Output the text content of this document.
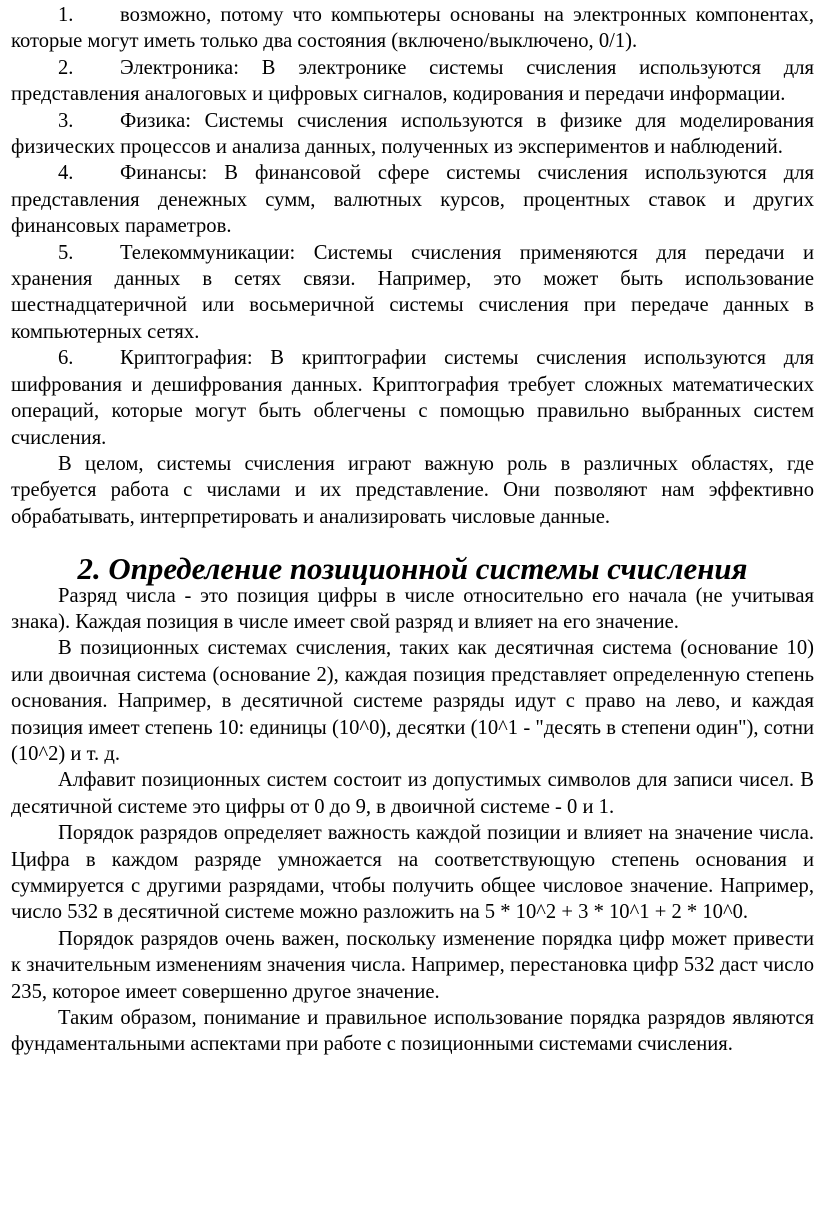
1. возможно, потому что компьютеры основаны на электронных компонентах, которые могут иметь только два состояния (включено/выключено, 0/1).

2. Электроника: В электронике системы счисления используются для представления аналоговых и цифровых сигналов, кодирования и передачи информации.

3. Физика: Системы счисления используются в физике для моделирования физических процессов и анализа данных, полученных из экспериментов и наблюдений.

4. Финансы: В финансовой сфере системы счисления используются для представления денежных сумм, валютных курсов, процентных ставок и других финансовых параметров.

5. Телекоммуникации: Системы счисления применяются для передачи и хранения данных в сетях связи. Например, это может быть использование шестнадцатеричной или восьмеричной системы счисления при передаче данных в компьютерных сетях.

6. Криптография: В криптографии системы счисления используются для шифрования и дешифрования данных. Криптография требует сложных математических операций, которые могут быть облегчены с помощью правильно выбранных систем счисления.

В целом, системы счисления играют важную роль в различных областях, где требуется работа с числами и их представление. Они позволяют нам эффективно обрабатывать, интерпретировать и анализировать числовые данные.

2. Определение позиционной системы счисления

Разряд числа - это позиция цифры в числе относительно его начала (не учитывая знака). Каждая позиция в числе имеет свой разряд и влияет на его значение.

В позиционных системах счисления, таких как десятичная система (основание 10) или двоичная система (основание 2), каждая позиция представляет определенную степень основания. Например, в десятичной системе разряды идут с право на лево, и каждая позиция имеет степень 10: единицы (10^0), десятки (10^1 - "десять в степени один"), сотни (10^2) и т. д.

Алфавит позиционных систем состоит из допустимых символов для записи чисел. В десятичной системе это цифры от 0 до 9, в двоичной системе - 0 и 1.

Порядок разрядов определяет важность каждой позиции и влияет на значение числа. Цифра в каждом разряде умножается на соответствующую степень основания и суммируется с другими разрядами, чтобы получить общее числовое значение. Например, число 532 в десятичной системе можно разложить на 5 * 10^2 + 3 * 10^1 + 2 * 10^0.

Порядок разрядов очень важен, поскольку изменение порядка цифр может привести к значительным изменениям значения числа. Например, перестановка цифр 532 даст число 235, которое имеет совершенно другое значение.

Таким образом, понимание и правильное использование порядка разрядов являются фундаментальными аспектами при работе с позиционными системами счисления.
